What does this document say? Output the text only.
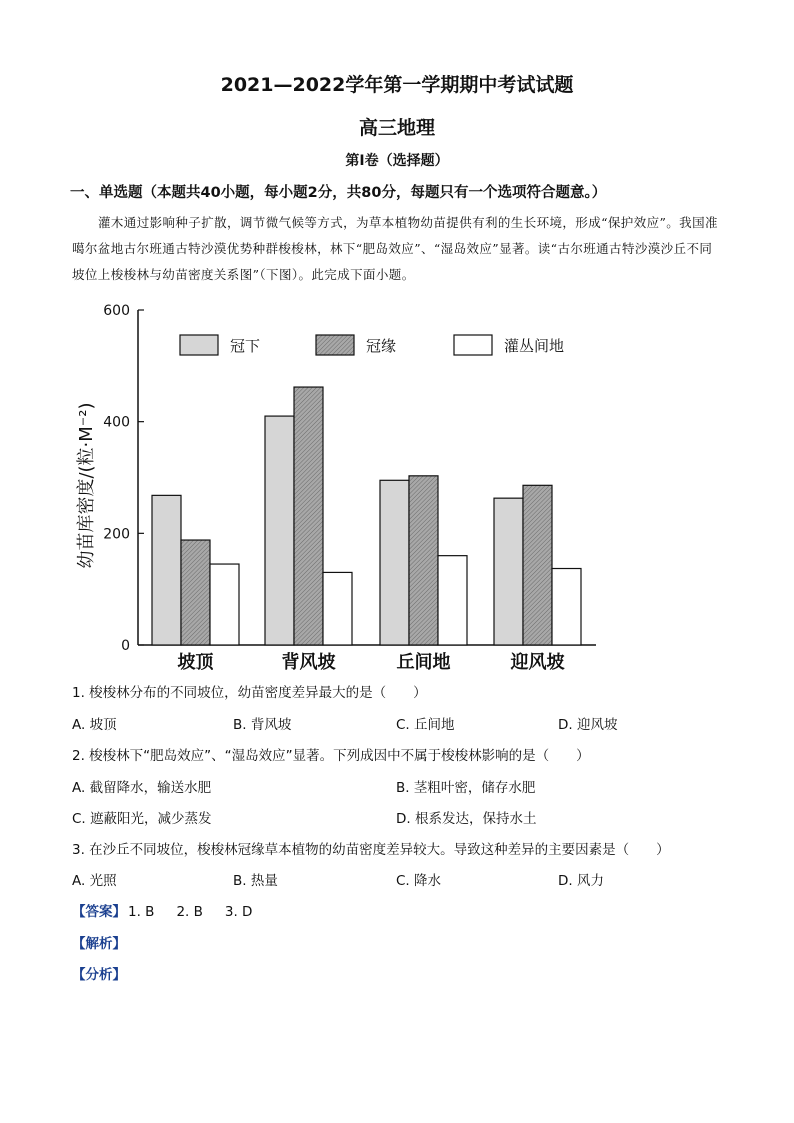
2021—2022学年第一学期期中考试试题
高三地理
第Ⅰ卷（选择题）
一、单选题（本题共40小题，每小题2分，共80分，每题只有一个选项符合题意。）
灌木通过影响种子扩散，调节微气候等方式，为草本植物幼苗提供有利的生长环境，形成“保护效应”。我国准噶尔盆地古尔班通古特沙漠优势种群梭梭林，林下“肥岛效应”、“湿岛效应”显著。读“古尔班通古特沙漠沙丘不同坡位上梭梭林与幼苗密度关系图”（下图）。此完成下面小题。
0
200
400
600
幼苗库密度/(粒·M⁻²)
坡顶	背风坡	丘间地	迎风坡
冠下	冠缘	灌丛间地
1. 梭梭林分布的不同坡位，幼苗密度差异最大的是（　　）
A. 坡顶	B. 背风坡	C. 丘间地	D. 迎风坡
2. 梭梭林下“肥岛效应”、“湿岛效应”显著。下列成因中不属于梭梭林影响的是（　　）
A. 截留降水，输送水肥	B. 茎粗叶密，储存水肥
C. 遮蔽阳光，减少蒸发	D. 根系发达，保持水土
3. 在沙丘不同坡位，梭梭林冠缘草本植物的幼苗密度差异较大。导致这种差异的主要因素是（　　）
A. 光照	B. 热量	C. 降水	D. 风力
【答案】 1. B 2. B 3. D
【解析】
【分析】
